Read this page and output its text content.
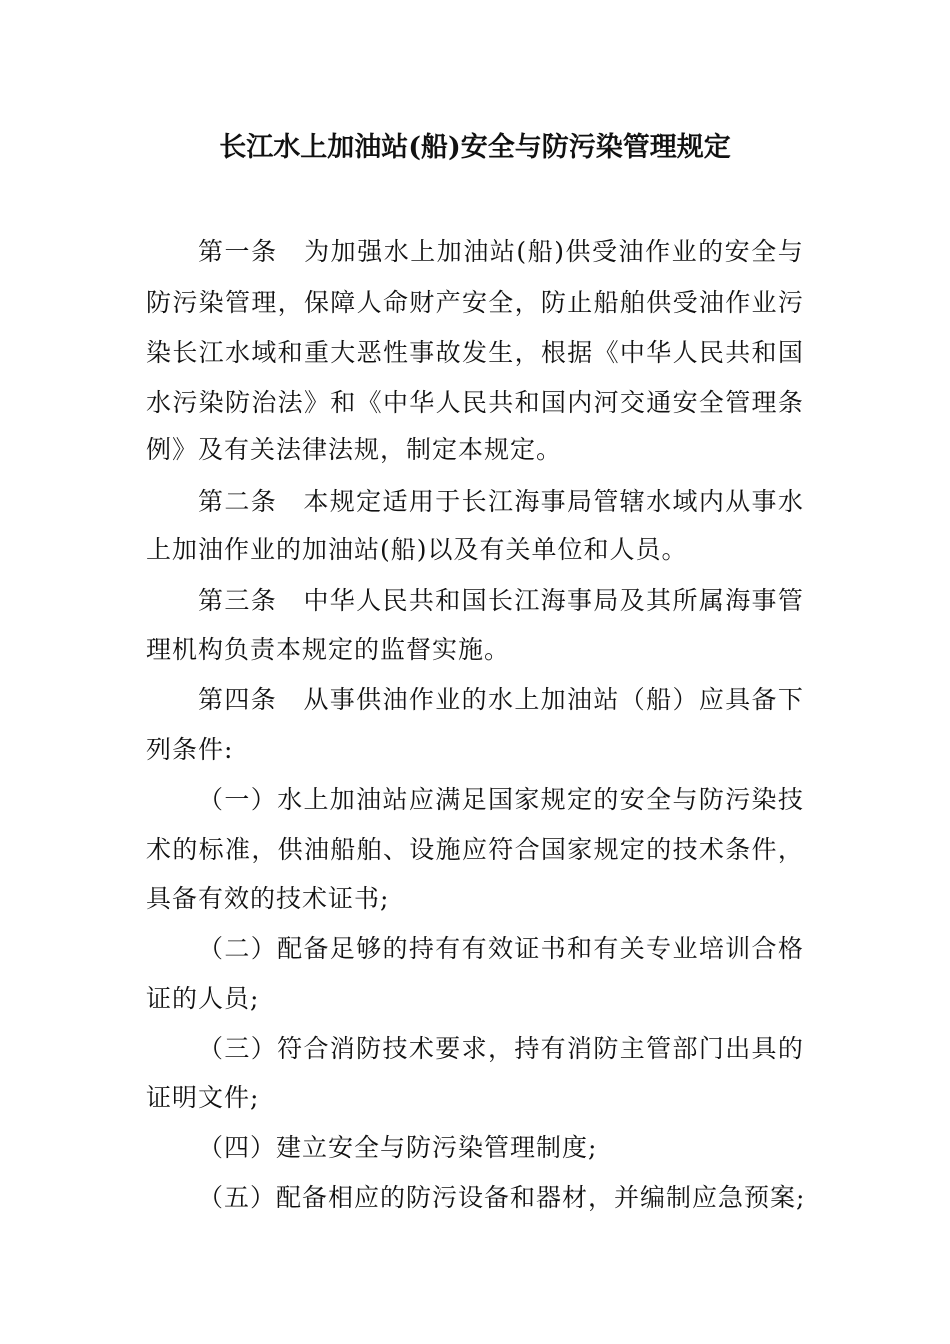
长江水上加油站(船)安全与防污染管理规定
第 一 条
　 为 加 强 水 上 加 油 站 ( 船 ) 供 受 油 作 业 的 安 全 与
防 污 染 管 理 ， 保 障 人 命 财 产 安 全 ， 防 止 船 舶 供 受 油 作 业 污
染 长 江 水 域 和 重 大 恶 性 事 故 发 生 ， 根 据 《 中 华 人 民 共 和 国
水 污 染 防 治 法 》 和 《 中 华 人 民 共 和 国 内 河 交 通 安 全 管 理 条
例》及有关法律法规，制定本规定。
第 二 条
　 本 规 定 适 用 于 长 江 海 事 局 管 辖 水 域 内 从 事 水
上加油作业的加油站(船)以及有关单位和人员。
第 三 条
　 中 华 人 民 共 和 国 长 江 海 事 局 及 其 所 属 海 事 管
理机构负责本规定的监督实施。
第 四 条
　 从 事 供 油 作 业 的 水 上 加 油 站 （ 船 ） 应 具 备 下
列条件:
（ 一 ） 水 上 加 油 站 应 满 足 国 家 规 定 的 安 全 与 防 污 染 技
术 的 标 准 ， 供 油 船 舶 、 设 施 应 符 合 国 家 规 定 的 技 术 条 件 ，
具备有效的技术证书;
（ 二 ） 配 备 足 够 的 持 有 有 效 证 书 和 有 关 专 业 培 训 合 格
证的人员;
（ 三 ） 符 合 消 防 技 术 要 求 ， 持 有 消 防 主 管 部 门 出 具 的
证明文件;
（四）建立安全与防污染管理制度;
（五）配备相应的防污设备和器材，并编制应急预案;
